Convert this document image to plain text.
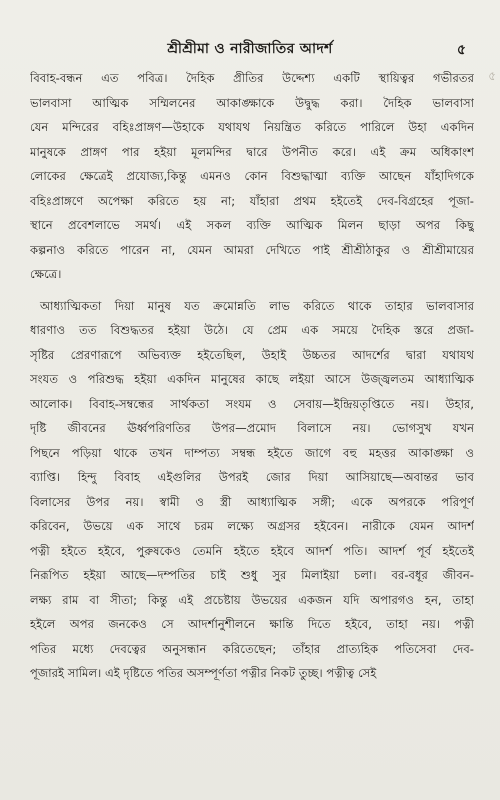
শ্রীশ্রীমা ও নারীজাতির আদর্শ	৫
৫
বিবাহ-বন্ধন এত পবিত্র। দৈহিক প্রীতির উদ্দেশ্য একটি স্থায়িত্বর গভীরতর
ভালবাসা আত্মিক সম্মিলনের আকাঙ্ক্ষাকে উদ্বুদ্ধ করা। দৈহিক ভালবাসা
যেন মন্দিরের বহিঃপ্রাঙ্গণ—উহাকে যথাযথ নিয়ন্ত্রিত করিতে পারিলে উহা একদিন
মানুষকে প্রাঙ্গণ পার হইয়া মূলমন্দির দ্বারে উপনীত করে। এই ক্রম অধিকাংশ
লোকের ক্ষেত্রেই প্রযোজ্য,কিন্তু এমনও কোন বিশুদ্ধাত্মা ব্যক্তি আছেন যাঁহাদিগকে
বহিঃপ্রাঙ্গণে অপেক্ষা করিতে হয় না; যাঁহারা প্রথম হইতেই দেব-বিগ্রহের পূজা-
স্থানে প্রবেশলাভে সমর্থ। এই সকল ব্যক্তি আত্মিক মিলন ছাড়া অপর কিছু
কল্পনাও করিতে পারেন না, যেমন আমরা দেখিতে পাই শ্রীশ্রীঠাকুর ও শ্রীশ্রীমায়ের
ক্ষেত্রে।
আধ্যাত্মিকতা দিয়া মানুষ যত ক্রমোন্নতি লাভ করিতে থাকে তাহার ভালবাসার
ধারণাও তত বিশুদ্ধতর হইয়া উঠে। যে প্রেম এক সময়ে দৈহিক স্তরে প্রজা-
সৃষ্টির প্রেরণারূপে অভিব্যক্ত হইতেছিল, উহাই উচ্চতর আদর্শের দ্বারা যথাযথ
সংযত ও পরিশুদ্ধ হইয়া একদিন মানুষের কাছে লইয়া আসে উজ্জ্বলতম আধ্যাত্মিক
আলোক। বিবাহ-সম্বন্ধের সার্থকতা সংযম ও সেবায়—ইন্দ্রিয়তৃপ্তিতে নয়। উহার,
দৃষ্টি জীবনের ঊর্ধ্বপরিণতির উপর—প্রমোদ বিলাসে নয়। ভোগসুখ যখন
পিছনে পড়িয়া থাকে তখন দাম্পত্য সম্বন্ধ হইতে জাগে বহু মহত্তর আকাঙ্ক্ষা ও
ব্যাপ্তি। হিন্দু বিবাহ এইগুলির উপরই জোর দিয়া আসিয়াছে—অবান্তর ভাব
বিলাসের উপর নয়। স্বামী ও স্ত্রী আধ্যাত্মিক সঙ্গী; একে অপরকে পরিপূর্ণ
করিবেন, উভয়ে এক সাথে চরম লক্ষ্যে অগ্রসর হইবেন। নারীকে যেমন আদর্শ
পত্নী হইতে হইবে, পুরুষকেও তেমনি হইতে হইবে আদর্শ পতি। আদর্শ পূর্ব হইতেই
নিরূপিত হইয়া আছে—দম্পতির চাই শুধু সুর মিলাইয়া চলা। বর-বধূর জীবন-
লক্ষ্য রাম বা সীতা; কিন্তু এই প্রচেষ্টায় উভয়ের একজন যদি অপারগও হন, তাহা
হইলে অপর জনকেও সে আদর্শানুশীলনে ক্ষান্তি দিতে হইবে, তাহা নয়। পত্নী
পতির মধ্যে দেবত্বের অনুসন্ধান করিতেছেন; তাঁহার প্রাত্যহিক পতিসেবা দেব-
পূজারই সামিল। এই দৃষ্টিতে পতির অসম্পূর্ণতা পত্নীর নিকট তুচ্ছ। পত্নীত্ব সেই
